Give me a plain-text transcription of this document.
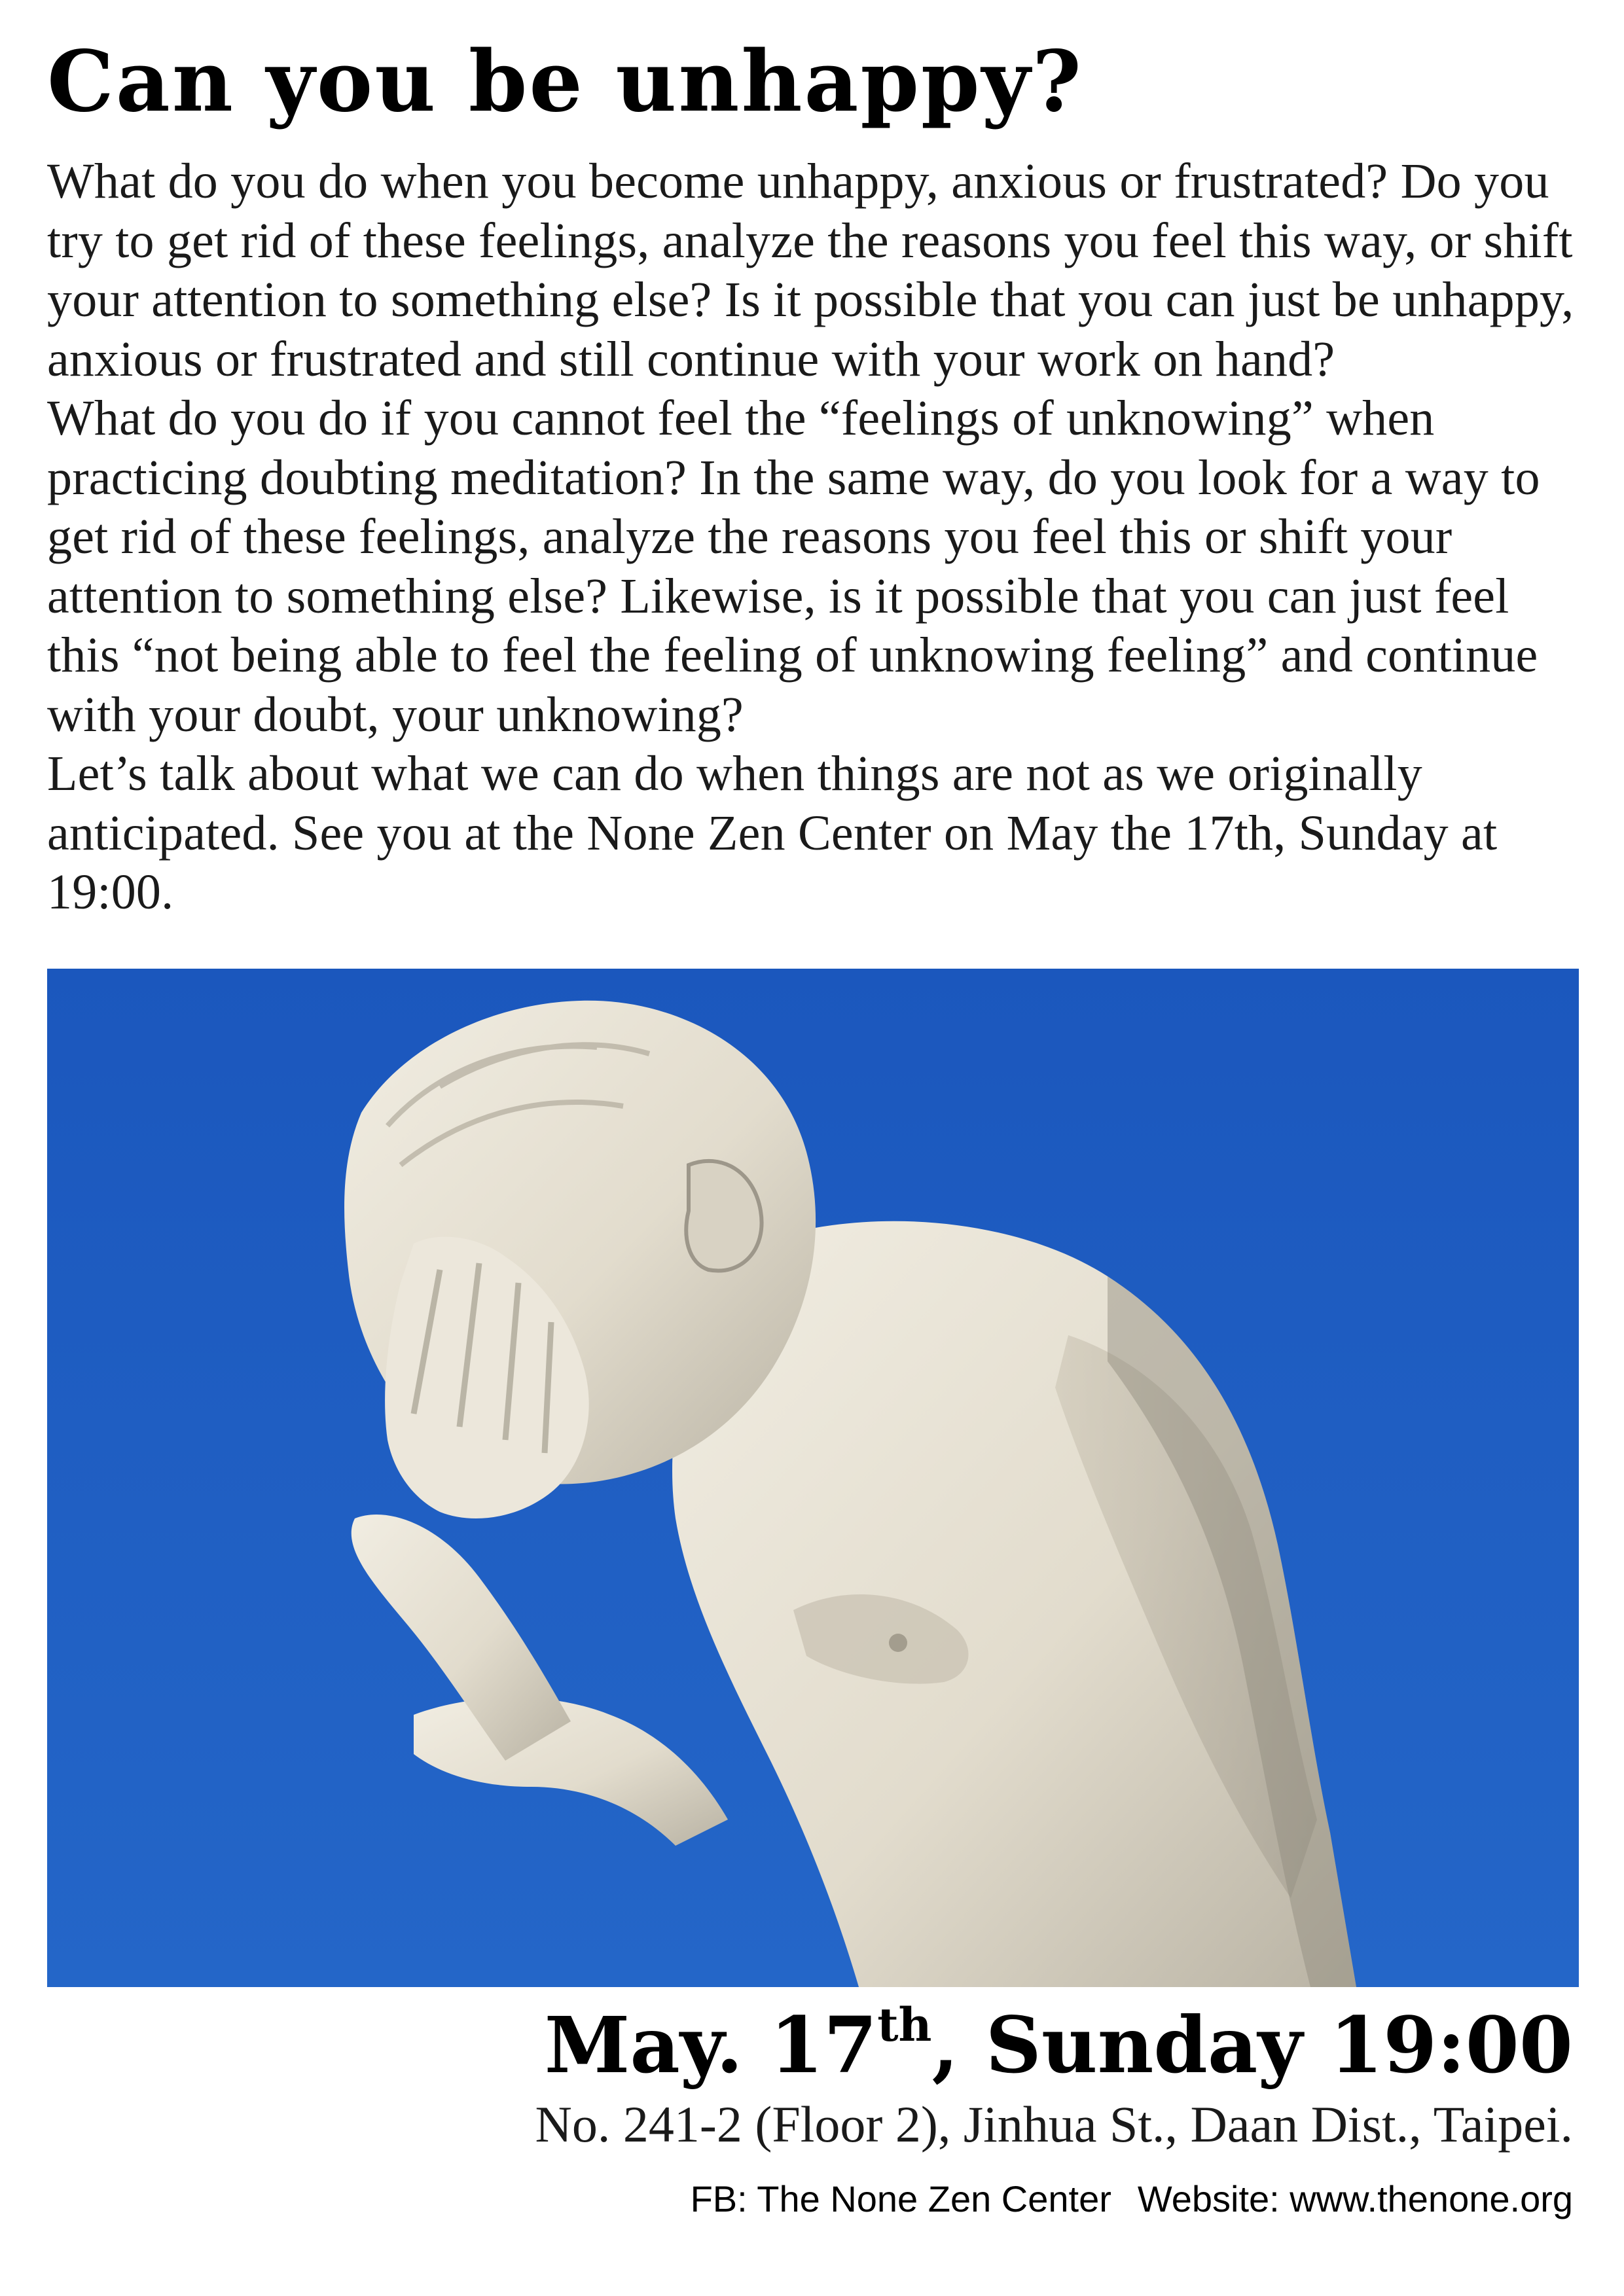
Can you be unhappy?

What do you do when you become unhappy, anxious or frustrated? Do you try to get rid of these feelings, analyze the reasons you feel this way, or shift your attention to something else? Is it possible that you can just be unhappy, anxious or frustrated and still continue with your work on hand?

What do you do if you cannot feel the “feelings of unknowing” when practicing doubting meditation? In the same way, do you look for a way to get rid of these feelings, analyze the reasons you feel this or shift your attention to something else? Likewise, is it possible that you can just feel this “not being able to feel the feeling of unknowing feeling” and continue with your doubt, your unknowing?

Let’s talk about what we can do when things are not as we originally anticipated. See you at the None Zen Center on May the 17th, Sunday at 19:00.

May. 17th, Sunday 19:00
No. 241-2 (Floor 2), Jinhua St., Daan Dist., Taipei.
FB: The None Zen Center Website: www.thenone.org
